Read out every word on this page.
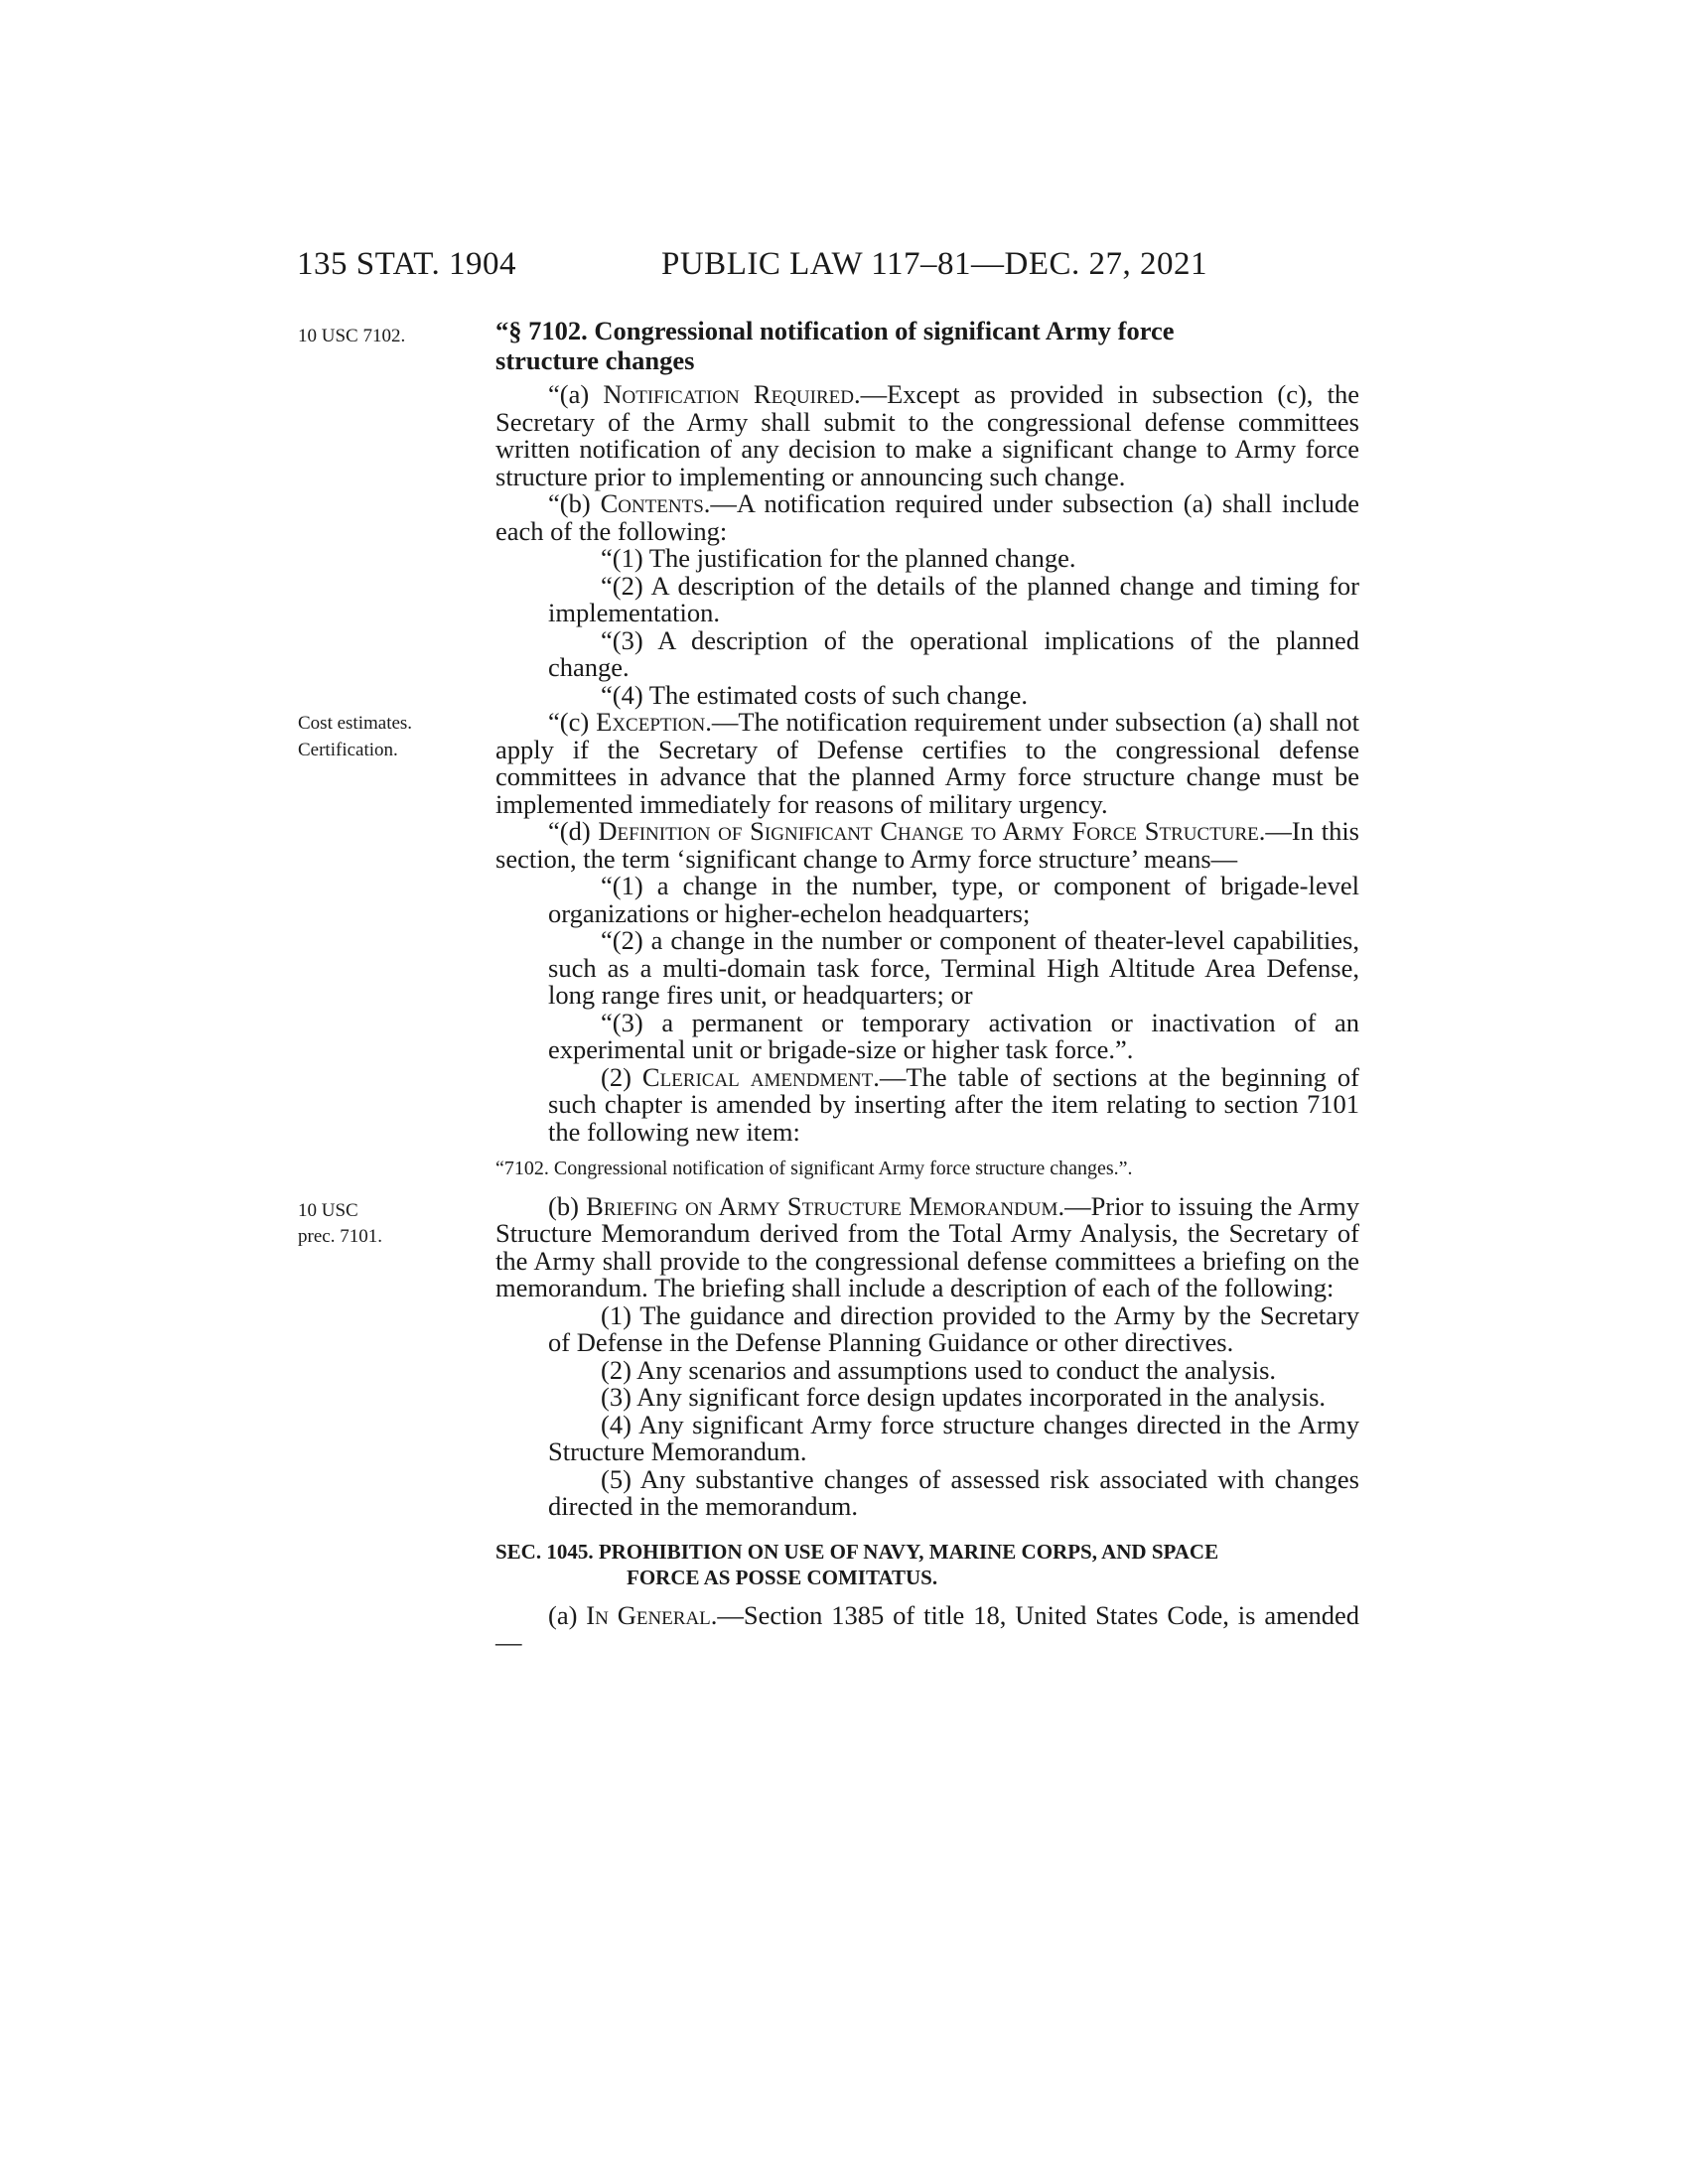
135 STAT. 1904	PUBLIC LAW 117–81—DEC. 27, 2021
10 USC 7102.
Cost estimates.
Certification.
10 USC
prec. 7101.

“§ 7102. Congressional notification of significant Army force
structure changes

“(a) Notification Required.—Except as provided in subsection (c), the Secretary of the Army shall submit to the congressional defense committees written notification of any decision to make a significant change to Army force structure prior to implementing or announcing such change.

“(b) Contents.—A notification required under subsection (a) shall include each of the following:

“(1) The justification for the planned change.

“(2) A description of the details of the planned change and timing for implementation.

“(3) A description of the operational implications of the planned change.

“(4) The estimated costs of such change.

“(c) Exception.—The notification requirement under subsection (a) shall not apply if the Secretary of Defense certifies to the congressional defense committees in advance that the planned Army force structure change must be implemented immediately for reasons of military urgency.

“(d) Definition of Significant Change to Army Force Structure.—In this section, the term ‘significant change to Army force structure’ means—

“(1) a change in the number, type, or component of brigade-level organizations or higher-echelon headquarters;

“(2) a change in the number or component of theater-level capabilities, such as a multi-domain task force, Terminal High Altitude Area Defense, long range fires unit, or headquarters; or

“(3) a permanent or temporary activation or inactivation of an experimental unit or brigade-size or higher task force.”.

(2) Clerical amendment.—The table of sections at the beginning of such chapter is amended by inserting after the item relating to section 7101 the following new item:

“7102. Congressional notification of significant Army force structure changes.”.

(b) Briefing on Army Structure Memorandum.—Prior to issuing the Army Structure Memorandum derived from the Total Army Analysis, the Secretary of the Army shall provide to the congressional defense committees a briefing on the memorandum. The briefing shall include a description of each of the following:

(1) The guidance and direction provided to the Army by the Secretary of Defense in the Defense Planning Guidance or other directives.

(2) Any scenarios and assumptions used to conduct the analysis.

(3) Any significant force design updates incorporated in the analysis.

(4) Any significant Army force structure changes directed in the Army Structure Memorandum.

(5) Any substantive changes of assessed risk associated with changes directed in the memorandum.

SEC. 1045. PROHIBITION ON USE OF NAVY, MARINE CORPS, AND SPACE
FORCE AS POSSE COMITATUS.

(a) In General.—Section 1385 of title 18, United States Code, is amended—
